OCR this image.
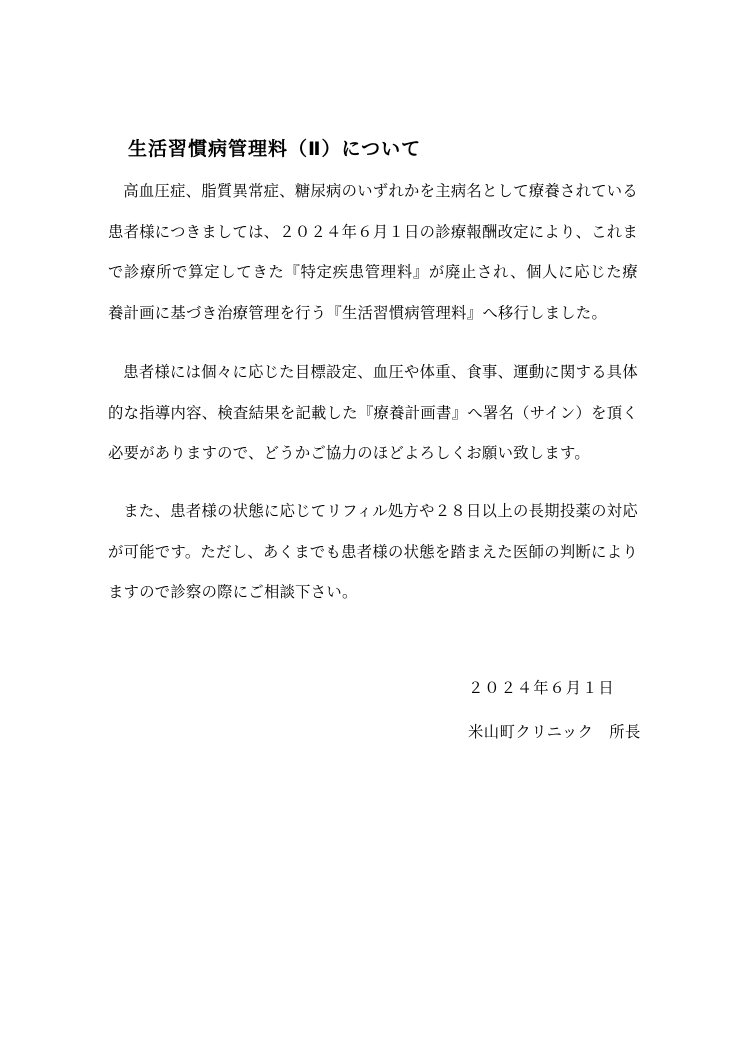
生活習慣病管理料（Ⅱ）について

高血圧症、脂質異常症、糖尿病のいずれかを主病名として療養されている患者様につきましては、２０２４年６月１日の診療報酬改定により、これまで診療所で算定してきた『特定疾患管理料』が廃止され、個人に応じた療養計画に基づき治療管理を行う『生活習慣病管理料』へ移行しました。

患者様には個々に応じた目標設定、血圧や体重、食事、運動に関する具体的な指導内容、検査結果を記載した『療養計画書』へ署名（サイン）を頂く必要がありますので、どうかご協力のほどよろしくお願い致します。

また、患者様の状態に応じてリフィル処方や２８日以上の長期投薬の対応が可能です。ただし、あくまでも患者様の状態を踏まえた医師の判断によりますので診察の際にご相談下さい。

２０２４年６月１日
米山町クリニック　所長
